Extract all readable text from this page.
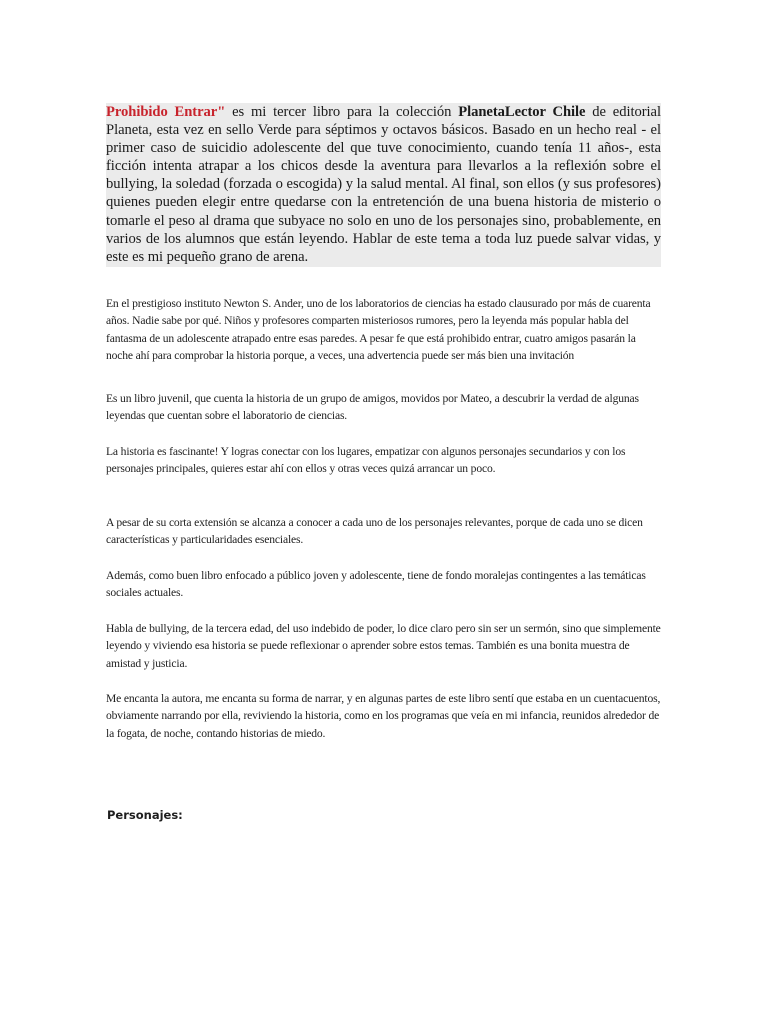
Prohibido Entrar" es mi tercer libro para la colección PlanetaLector Chile de editorial Planeta, esta vez en sello Verde para séptimos y octavos básicos. Basado en un hecho real - el primer caso de suicidio adolescente del que tuve conocimiento, cuando tenía 11 años-, esta ficción intenta atrapar a los chicos desde la aventura para llevarlos a la reflexión sobre el bullying, la soledad (forzada o escogida) y la salud mental. Al final, son ellos (y sus profesores) quienes pueden elegir entre quedarse con la entretención de una buena historia de misterio o tomarle el peso al drama que subyace no solo en uno de los personajes sino, probablemente, en varios de los alumnos que están leyendo. Hablar de este tema a toda luz puede salvar vidas, y este es mi pequeño grano de arena.
En el prestigioso instituto Newton S. Ander, uno de los laboratorios de ciencias ha estado clausurado por más de cuarenta años. Nadie sabe por qué. Niños y profesores comparten misteriosos rumores, pero la leyenda más popular habla del fantasma de un adolescente atrapado entre esas paredes. A pesar fe que está prohibido entrar, cuatro amigos pasarán la noche ahí para comprobar la historia porque, a veces, una advertencia puede ser más bien una invitación
Es un libro juvenil, que cuenta la historia de un grupo de amigos, movidos por Mateo, a descubrir la verdad de algunas leyendas que cuentan sobre el laboratorio de ciencias.
La historia es fascinante! Y logras conectar con los lugares, empatizar con algunos personajes secundarios y con los personajes principales, quieres estar ahí con ellos y otras veces quizá arrancar un poco.
A pesar de su corta extensión se alcanza a conocer a cada uno de los personajes relevantes, porque de cada uno se dicen características y particularidades esenciales.
Además, como buen libro enfocado a público joven y adolescente, tiene de fondo moralejas contingentes a las temáticas sociales actuales.
Habla de bullying, de la tercera edad, del uso indebido de poder, lo dice claro pero sin ser un sermón, sino que simplemente leyendo y viviendo esa historia se puede reflexionar o aprender sobre estos temas. También es una bonita muestra de amistad y justicia.
Me encanta la autora, me encanta su forma de narrar, y en algunas partes de este libro sentí que estaba en un cuentacuentos, obviamente narrando por ella, reviviendo la historia, como en los programas que veía en mi infancia, reunidos alrededor de la fogata, de noche, contando historias de miedo.
Personajes:
